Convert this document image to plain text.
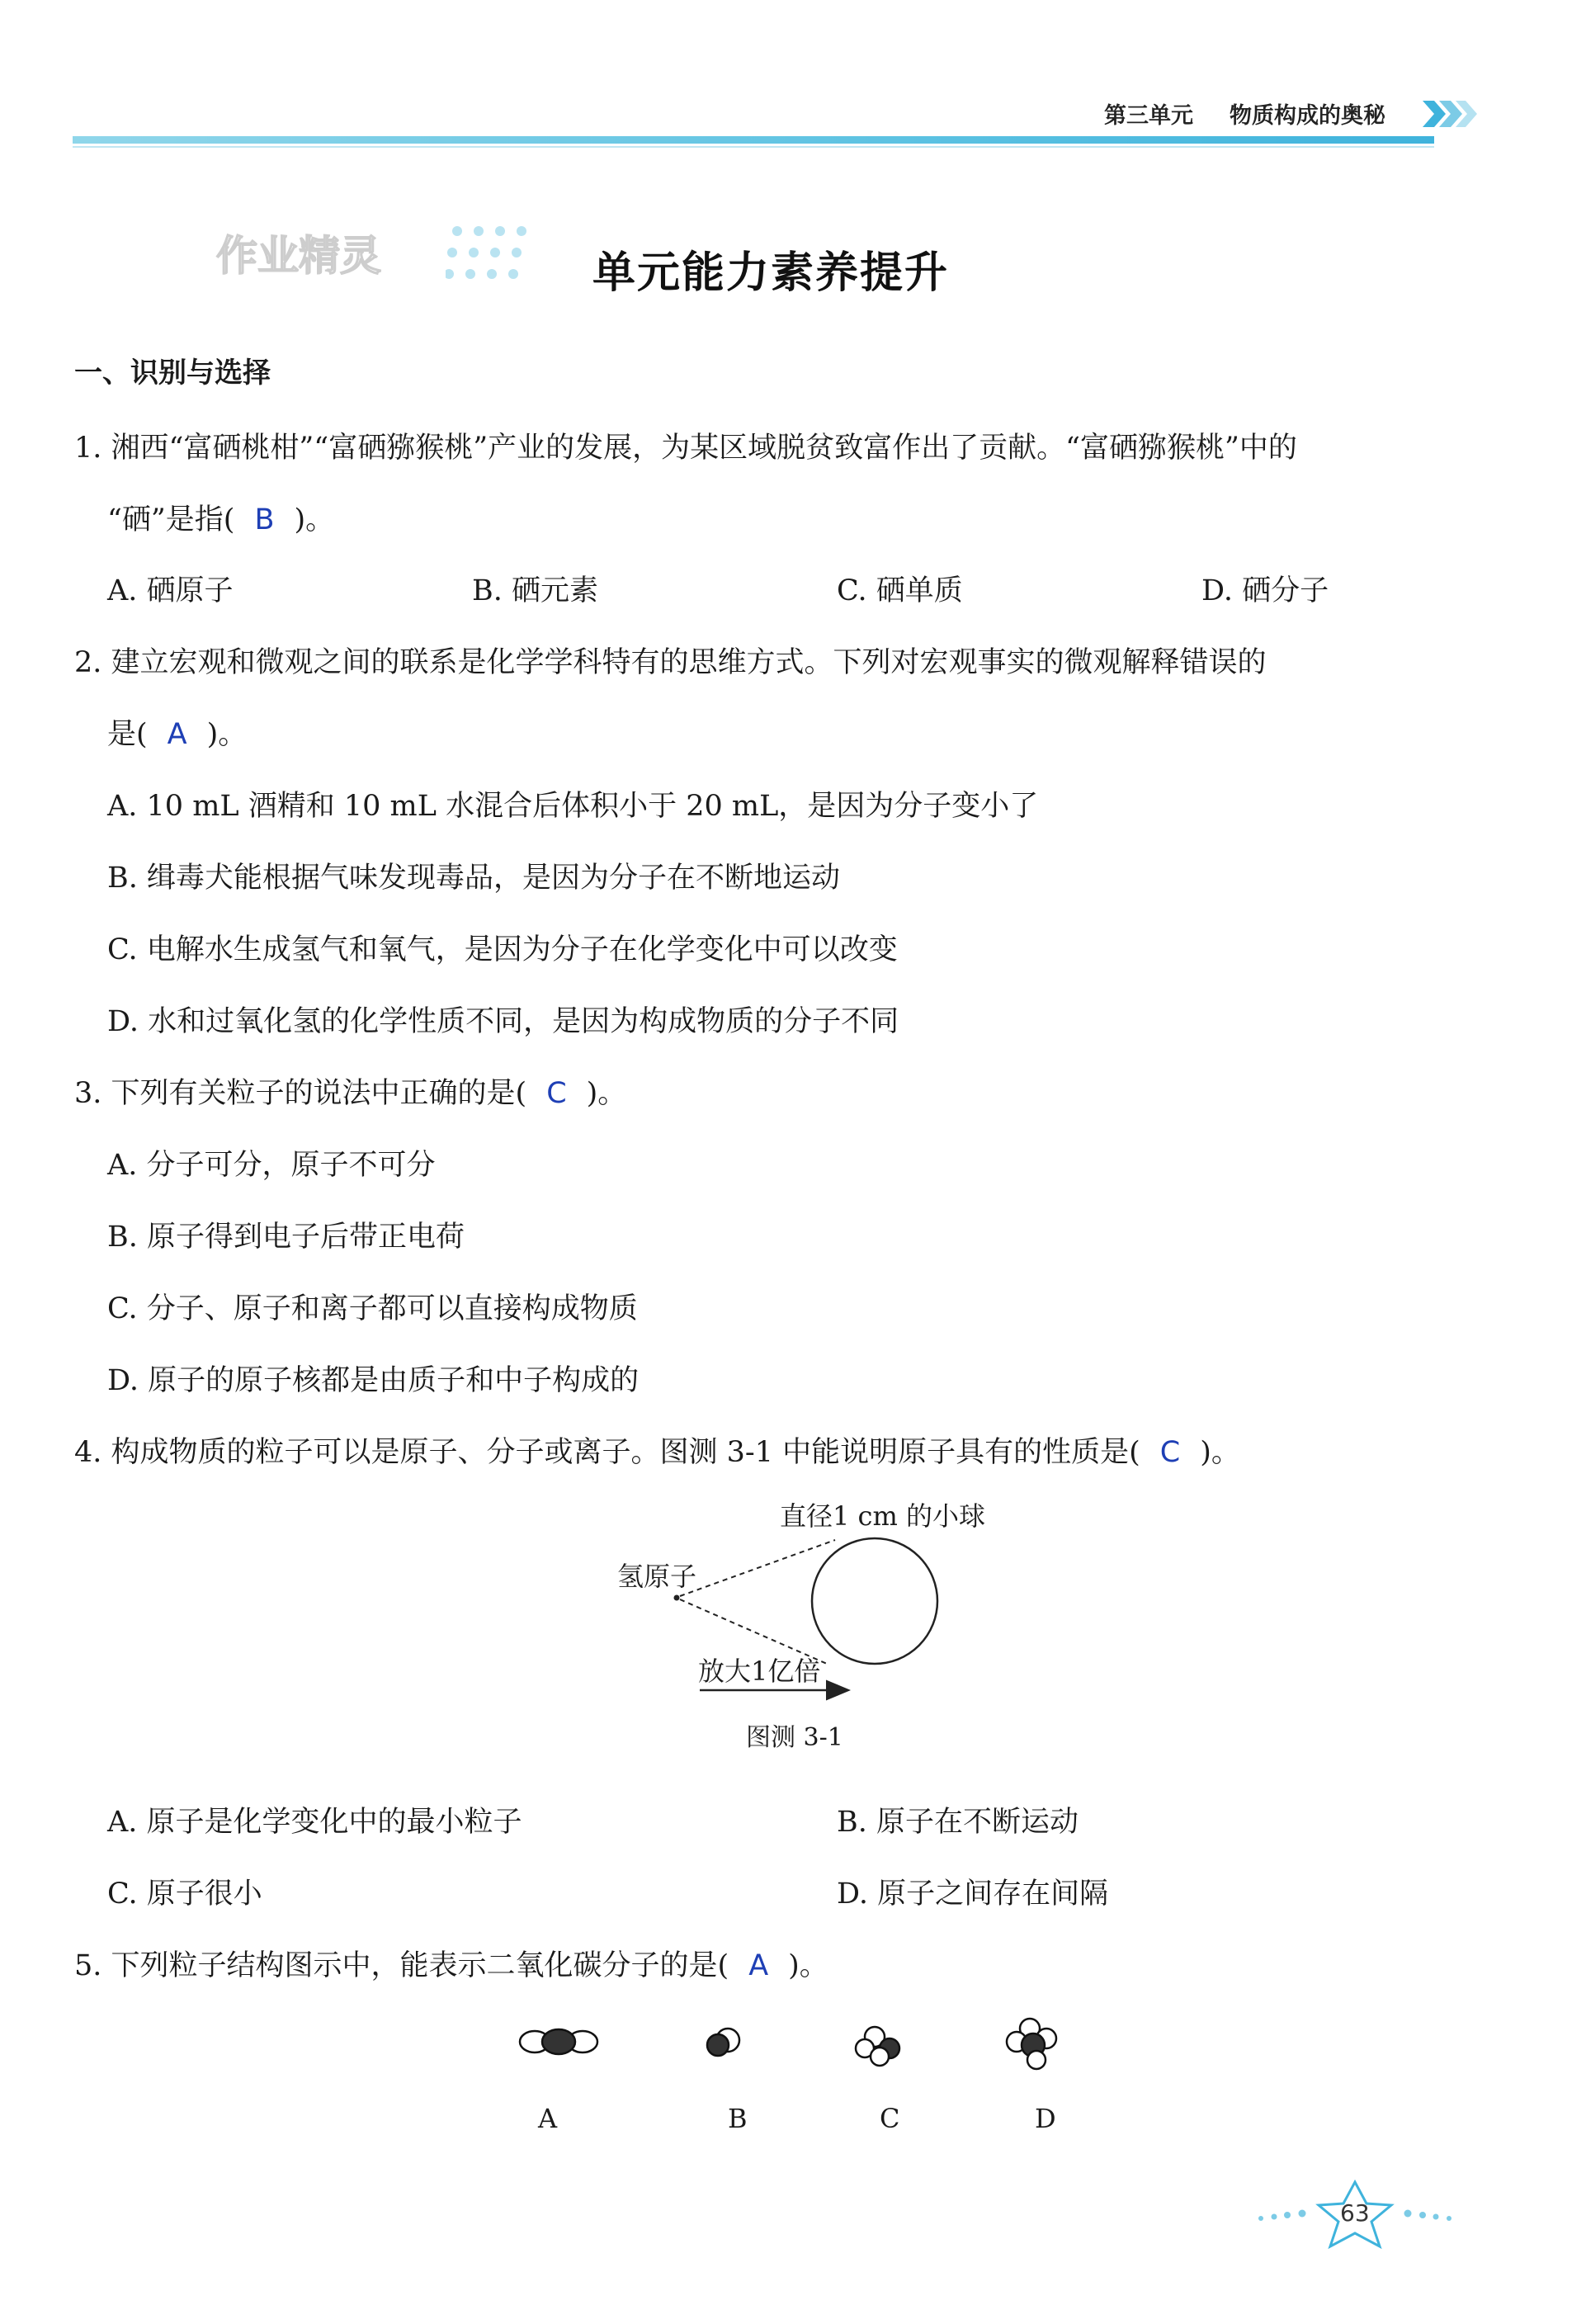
第三单元 物质构成的奥秘
作业精灵	单元能力素养提升
一、识别与选择
1. 湘西“富硒桃柑”“富硒猕猴桃”产业的发展，为某区域脱贫致富作出了贡献。“富硒猕猴桃”中的
“硒”是指( B )。
A. 硒原子	B. 硒元素	C. 硒单质	D. 硒分子
2. 建立宏观和微观之间的联系是化学学科特有的思维方式。下列对宏观事实的微观解释错误的
是( A )。
A. 10 mL 酒精和 10 mL 水混合后体积小于 20 mL，是因为分子变小了
B. 缉毒犬能根据气味发现毒品，是因为分子在不断地运动
C. 电解水生成氢气和氧气，是因为分子在化学变化中可以改变
D. 水和过氧化氢的化学性质不同，是因为构成物质的分子不同
3. 下列有关粒子的说法中正确的是( C )。
A. 分子可分，原子不可分
B. 原子得到电子后带正电荷
C. 分子、原子和离子都可以直接构成物质
D. 原子的原子核都是由质子和中子构成的
4. 构成物质的粒子可以是原子、分子或离子。图测 3-1 中能说明原子具有的性质是( C )。
直径1 cm 的小球
氢原子
放大1亿倍
图测 3-1
A. 原子是化学变化中的最小粒子	B. 原子在不断运动
C. 原子很小	D. 原子之间存在间隔
5. 下列粒子结构图示中，能表示二氧化碳分子的是( A )。
A	B	C	D
63
